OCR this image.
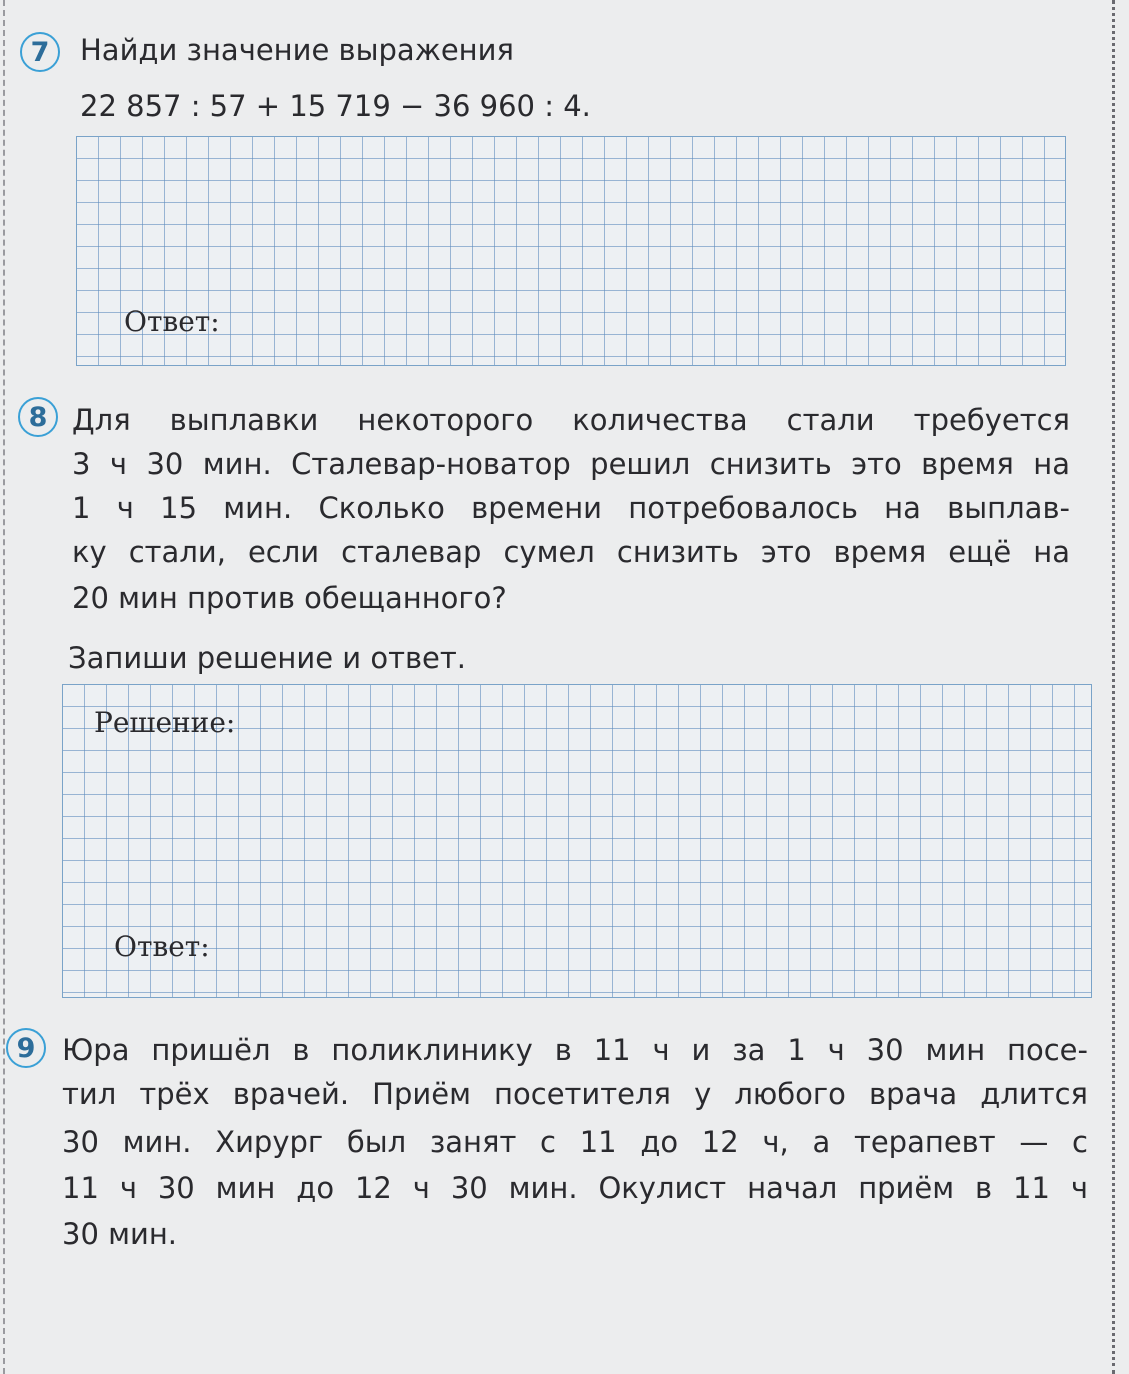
7	Найди значение выражения
22 857 : 57 + 15 719 − 36 960 : 4.
Ответ:
8 Для выплавки некоторого количества стали требуется
3 ч 30 мин. Сталевар-новатор решил снизить это время на
1 ч 15 мин. Сколько времени потребовалось на выплав-
ку стали, если сталевар сумел снизить это время ещё на
20 мин против обещанного?
Запиши решение и ответ.
Решение:
Ответ:
9 Юра пришёл в поликлинику в 11 ч и за 1 ч 30 мин посе-
тил трёх врачей. Приём посетителя у любого врача длится
30 мин. Хирург был занят с 11 до 12 ч, а терапевт — с
11 ч 30 мин до 12 ч 30 мин. Окулист начал приём в 11 ч
30 мин.
